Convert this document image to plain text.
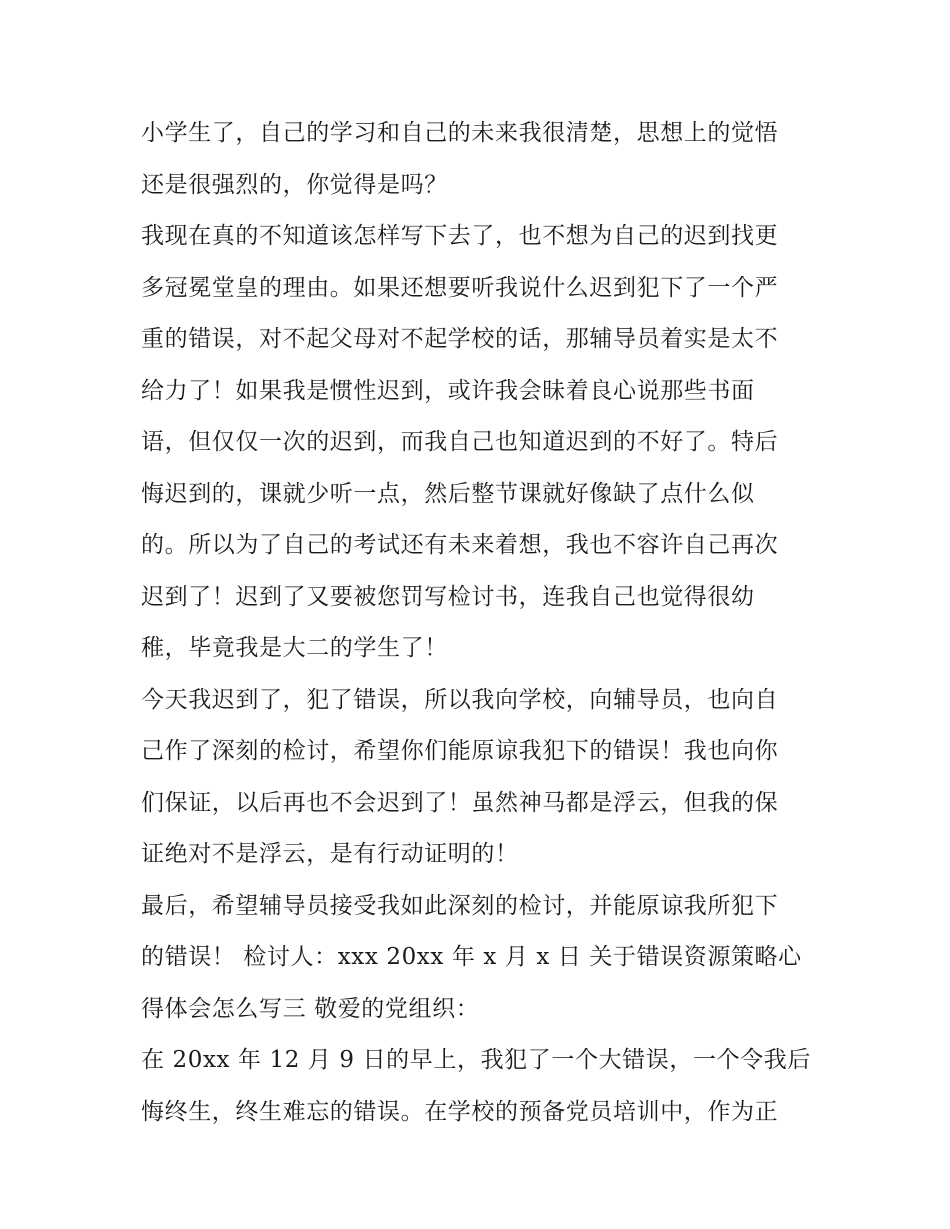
小学生了，自己的学习和自己的未来我很清楚，思想上的觉悟
还是很强烈的，你觉得是吗？
我现在真的不知道该怎样写下去了，也不想为自己的迟到找更
多冠冕堂皇的理由。如果还想要听我说什么迟到犯下了一个严
重的错误，对不起父母对不起学校的话，那辅导员着实是太不
给力了！如果我是惯性迟到，或许我会昧着良心说那些书面
语，但仅仅一次的迟到，而我自己也知道迟到的不好了。特后
悔迟到的，课就少听一点，然后整节课就好像缺了点什么似
的。所以为了自己的考试还有未来着想，我也不容许自己再次
迟到了！迟到了又要被您罚写检讨书，连我自己也觉得很幼
稚，毕竟我是大二的学生了！
今天我迟到了，犯了错误，所以我向学校，向辅导员，也向自
己作了深刻的检讨，希望你们能原谅我犯下的错误！我也向你
们保证，以后再也不会迟到了！虽然神马都是浮云，但我的保
证绝对不是浮云，是有行动证明的！
最后，希望辅导员接受我如此深刻的检讨，并能原谅我所犯下
的错误！ 检讨人：xxx 20xx 年 x 月 x 日 关于错误资源策略心
得体会怎么写三 敬爱的党组织：
在 20xx 年 12 月 9 日的早上，我犯了一个大错误，一个令我后
悔终生，终生难忘的错误。在学校的预备党员培训中，作为正
